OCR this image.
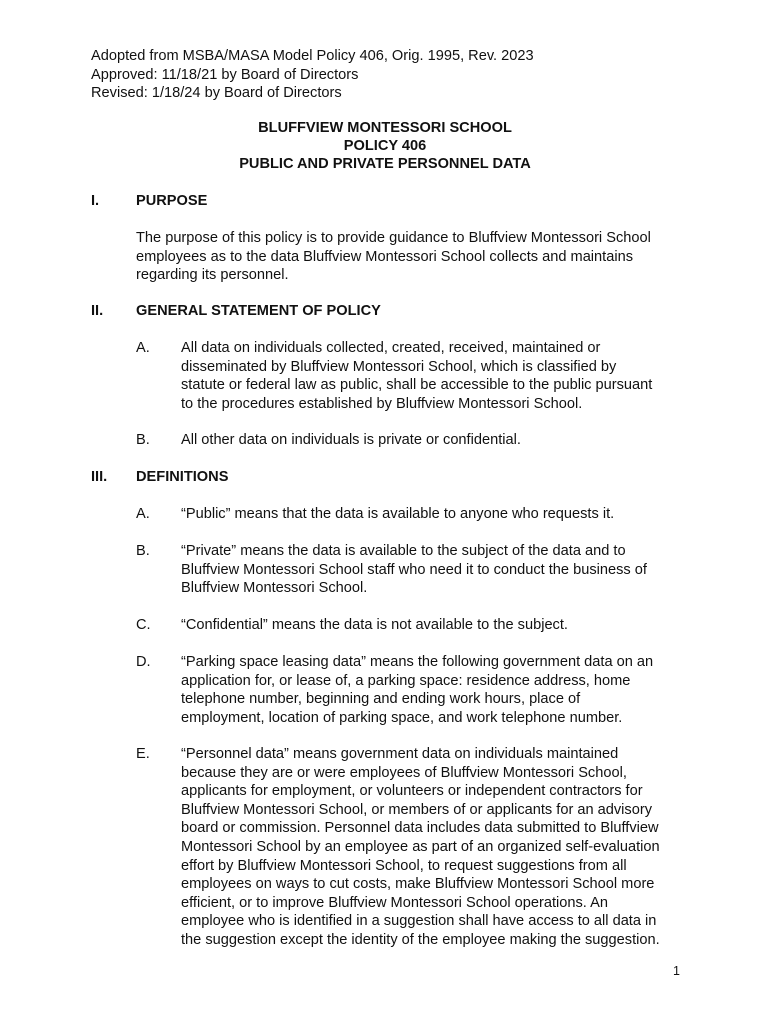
Adopted from MSBA/MASA Model Policy 406, Orig. 1995, Rev. 2023
Approved: 11/18/21 by Board of Directors
Revised: 1/18/24 by Board of Directors
BLUFFVIEW MONTESSORI SCHOOL
POLICY 406
PUBLIC AND PRIVATE PERSONNEL DATA
I.	PURPOSE
The purpose of this policy is to provide guidance to Bluffview Montessori School
employees as to the data Bluffview Montessori School collects and maintains
regarding its personnel.
II. GENERAL STATEMENT OF POLICY
A. All data on individuals collected, created, received, maintained or
disseminated by Bluffview Montessori School, which is classified by
statute or federal law as public, shall be accessible to the public pursuant
to the procedures established by Bluffview Montessori School.
B. All other data on individuals is private or confidential.
III. DEFINITIONS
A. “Public” means that the data is available to anyone who requests it.
B. “Private” means the data is available to the subject of the data and to
Bluffview Montessori School staff who need it to conduct the business of
Bluffview Montessori School.
C. “Confidential” means the data is not available to the subject.
D. “Parking space leasing data” means the following government data on an
application for, or lease of, a parking space: residence address, home
telephone number, beginning and ending work hours, place of
employment, location of parking space, and work telephone number.
E. “Personnel data” means government data on individuals maintained
because they are or were employees of Bluffview Montessori School,
applicants for employment, or volunteers or independent contractors for
Bluffview Montessori School, or members of or applicants for an advisory
board or commission. Personnel data includes data submitted to Bluffview
Montessori School by an employee as part of an organized self-evaluation
effort by Bluffview Montessori School, to request suggestions from all
employees on ways to cut costs, make Bluffview Montessori School more
efficient, or to improve Bluffview Montessori School operations. An
employee who is identified in a suggestion shall have access to all data in
the suggestion except the identity of the employee making the suggestion.
1
